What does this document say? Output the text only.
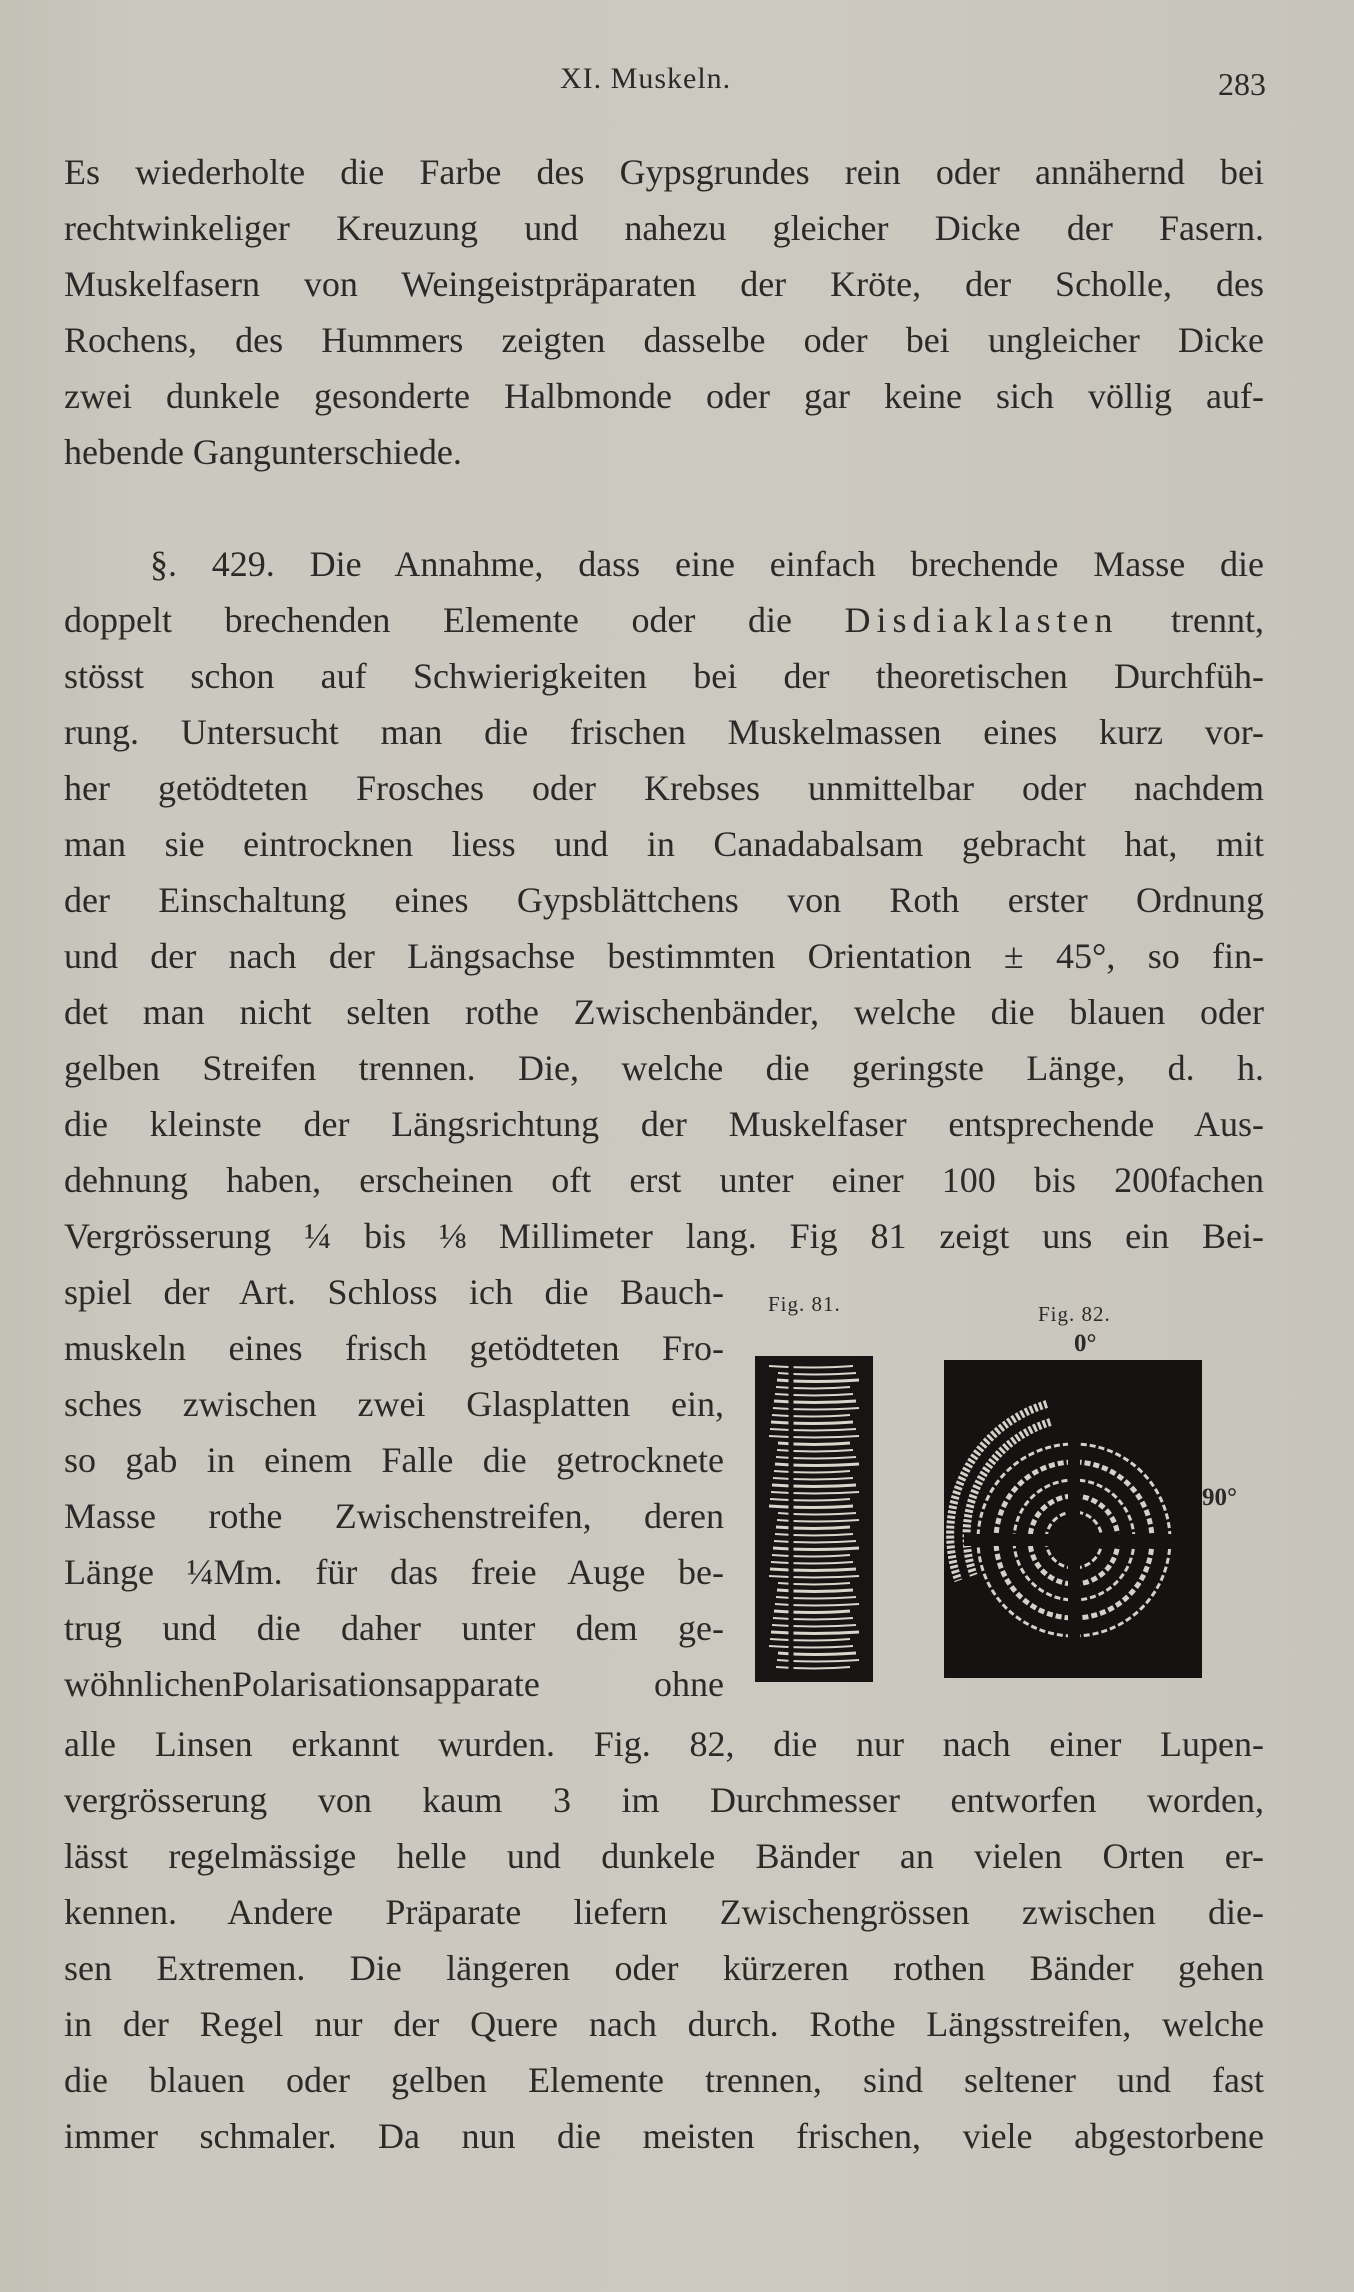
XI. Muskeln.	283
Es wiederholte die Farbe des Gypsgrundes rein oder annähernd bei
rechtwinkeliger Kreuzung und nahezu gleicher Dicke der Fasern.
Muskelfasern von Weingeistpräparaten der Kröte, der Scholle, des
Rochens, des Hummers zeigten dasselbe oder bei ungleicher Dicke
zwei dunkele gesonderte Halbmonde oder gar keine sich völlig auf-
hebende Gangunterschiede.
§. 429. Die Annahme, dass eine einfach brechende Masse die
doppelt brechenden Elemente oder die Disdiaklasten trennt,
stösst schon auf Schwierigkeiten bei der theoretischen Durchfüh-
rung. Untersucht man die frischen Muskelmassen eines kurz vor-
her getödteten Frosches oder Krebses unmittelbar oder nachdem
man sie eintrocknen liess und in Canadabalsam gebracht hat, mit
der Einschaltung eines Gypsblättchens von Roth erster Ordnung
und der nach der Längsachse bestimmten Orientation ± 45°, so fin-
det man nicht selten rothe Zwischenbänder, welche die blauen oder
gelben Streifen trennen. Die, welche die geringste Länge, d. h.
die kleinste der Längsrichtung der Muskelfaser entsprechende Aus-
dehnung haben, erscheinen oft erst unter einer 100 bis 200fachen
Vergrösserung ¼ bis ⅛ Millimeter lang. Fig 81 zeigt uns ein Bei-
spiel der Art. Schloss ich die Bauch-
muskeln eines frisch getödteten Fro-
sches zwischen zwei Glasplatten ein,
so gab in einem Falle die getrocknete
Masse rothe Zwischenstreifen, deren
Länge ¼Mm. für das freie Auge be-
trug und die daher unter dem ge-
wöhnlichenPolarisationsapparate ohne
alle Linsen erkannt wurden. Fig. 82, die nur nach einer Lupen-
vergrösserung von kaum 3 im Durchmesser entworfen worden,
lässt regelmässige helle und dunkele Bänder an vielen Orten er-
kennen. Andere Präparate liefern Zwischengrössen zwischen die-
sen Extremen. Die längeren oder kürzeren rothen Bänder gehen
in der Regel nur der Quere nach durch. Rothe Längsstreifen, welche
die blauen oder gelben Elemente trennen, sind seltener und fast
immer schmaler. Da nun die meisten frischen, viele abgestorbene
Fig. 81.	Fig. 82.
0°
90°
